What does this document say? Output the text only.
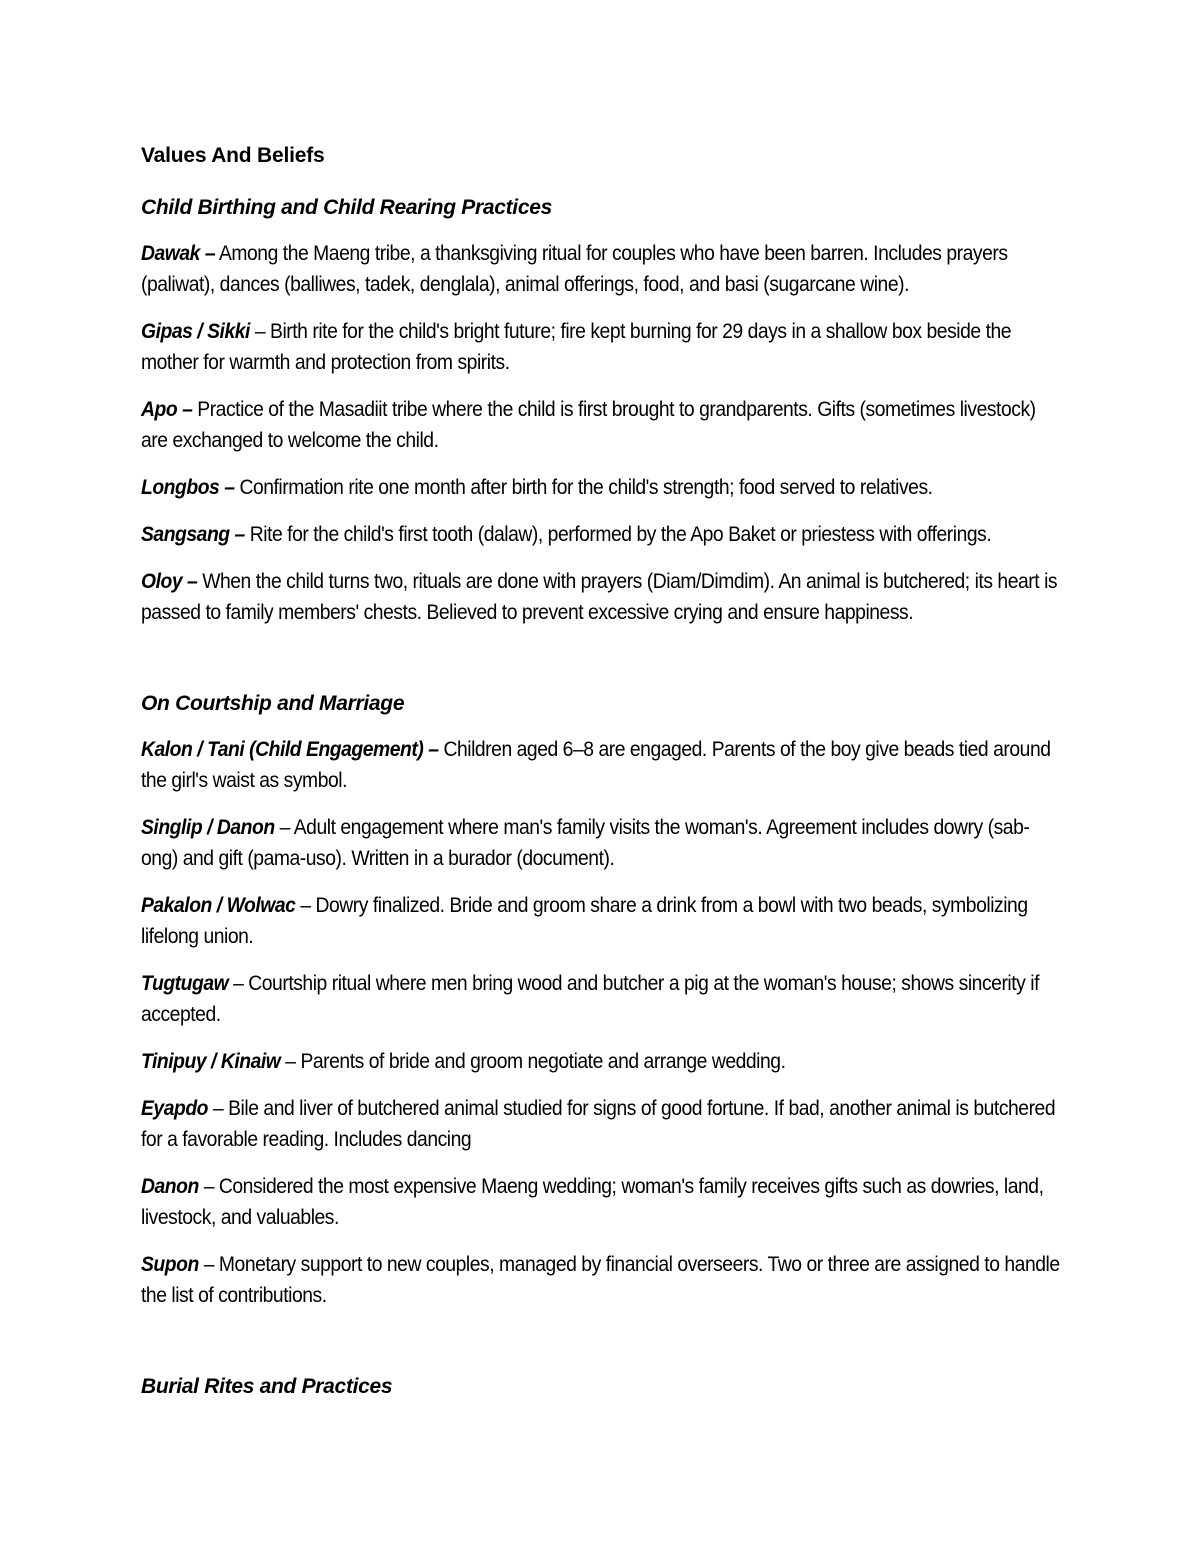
Values And Beliefs
Child Birthing and Child Rearing Practices

Dawak – Among the Maeng tribe, a thanksgiving ritual for couples who have been barren. Includes prayers (paliwat), dances (balliwes, tadek, denglala), animal offerings, food, and basi (sugarcane wine).

Gipas / Sikki – Birth rite for the child's bright future; fire kept burning for 29 days in a shallow box beside the mother for warmth and protection from spirits.

Apo – Practice of the Masadiit tribe where the child is first brought to grandparents. Gifts (sometimes livestock) are exchanged to welcome the child.

Longbos – Confirmation rite one month after birth for the child's strength; food served to relatives.

Sangsang – Rite for the child's first tooth (dalaw), performed by the Apo Baket or priestess with offerings.

Oloy – When the child turns two, rituals are done with prayers (Diam/Dimdim). An animal is butchered; its heart is passed to family members' chests. Believed to prevent excessive crying and ensure happiness.

On Courtship and Marriage

Kalon / Tani (Child Engagement) – Children aged 6–8 are engaged. Parents of the boy give beads tied around the girl's waist as symbol.

Singlip / Danon – Adult engagement where man's family visits the woman's. Agreement includes dowry (sab-ong) and gift (pama-uso). Written in a burador (document).

Pakalon / Wolwac – Dowry finalized. Bride and groom share a drink from a bowl with two beads, symbolizing lifelong union.

Tugtugaw – Courtship ritual where men bring wood and butcher a pig at the woman's house; shows sincerity if accepted.

Tinipuy / Kinaiw – Parents of bride and groom negotiate and arrange wedding.

Eyapdo – Bile and liver of butchered animal studied for signs of good fortune. If bad, another animal is butchered for a favorable reading. Includes dancing

Danon – Considered the most expensive Maeng wedding; woman's family receives gifts such as dowries, land, livestock, and valuables.

Supon – Monetary support to new couples, managed by financial overseers. Two or three are assigned to handle the list of contributions.

Burial Rites and Practices
